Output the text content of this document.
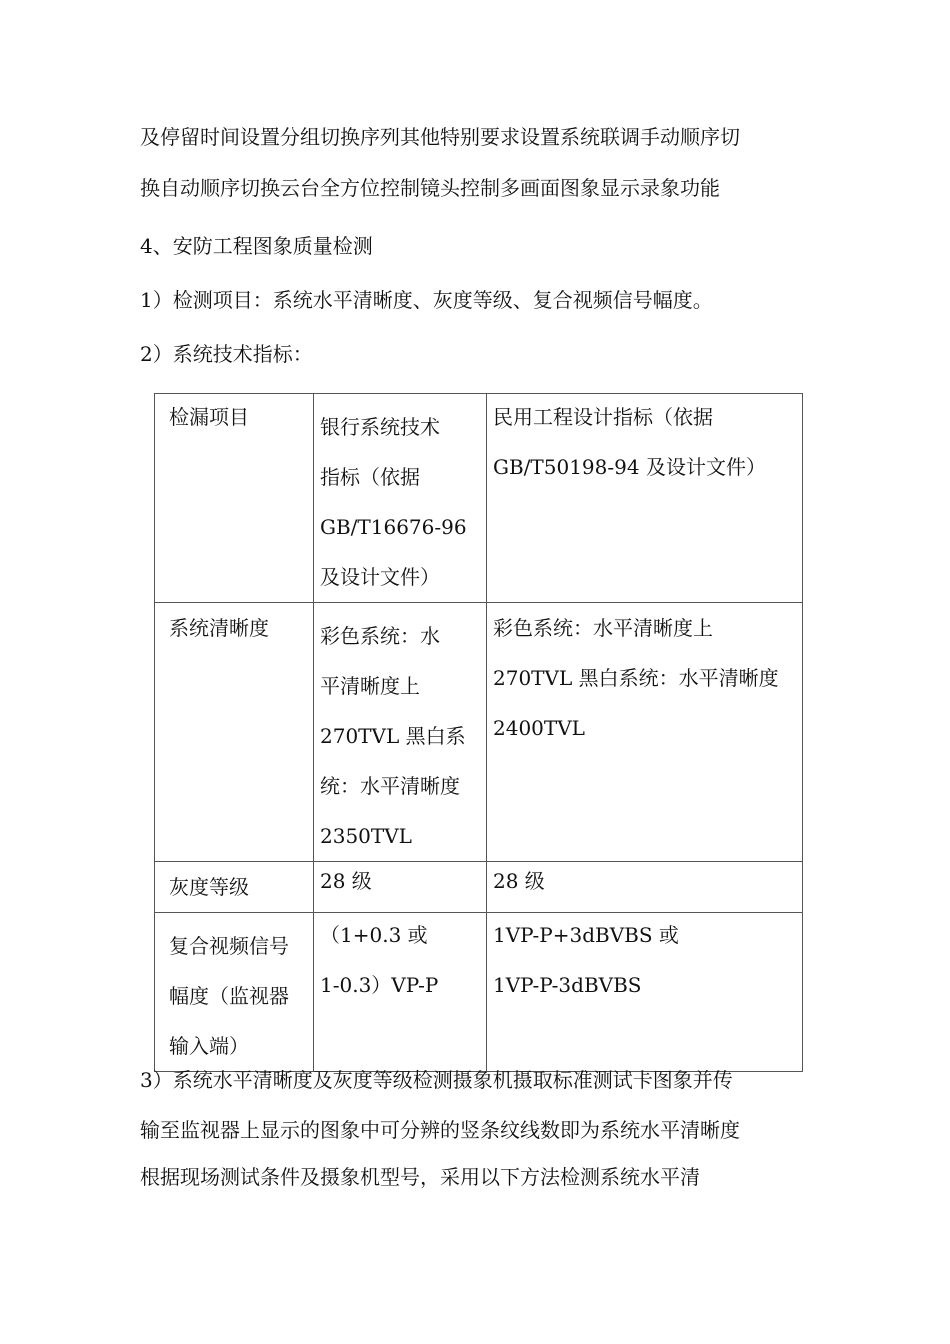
及停留时间设置分组切换序列其他特别要求设置系统联调手动顺序切
换自动顺序切换云台全方位控制镜头控制多画面图象显示录象功能
4、安防工程图象质量检测
1）检测项目：系统水平清晰度、灰度等级、复合视频信号幅度。
2）系统技术指标：
检漏项目	银行系统技术
指标（依据
GB/T16676-96
及设计文件）	民用工程设计指标（依据
GB/T50198-94 及设计文件）

系统清晰度	彩色系统：水
平清晰度上
270TVL 黑白系
统：水平清晰度
2350TVL	彩色系统：水平清晰度上
270TVL 黑白系统：水平清晰度
2400TVL

灰度等级	28 级	28 级

复合视频信号
幅度（监视器
输入端）	（1+0.3 或
1-0.3）VP-P	1VP-P+3dBVBS 或
1VP-P-3dBVBS
3）系统水平清晰度及灰度等级检测摄象机摄取标准测试卡图象并传
输至监视器上显示的图象中可分辨的竖条纹线数即为系统水平清晰度
根据现场测试条件及摄象机型号，采用以下方法检测系统水平清
